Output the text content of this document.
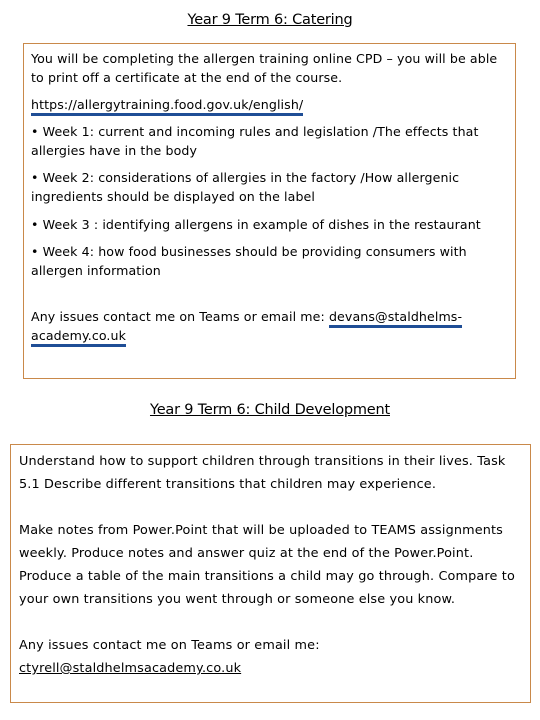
Year 9 Term 6: Catering

You will be completing the allergen training online CPD – you will be able to print off a certificate at the end of the course.

https://allergytraining.food.gov.uk/english/

• Week 1: current and incoming rules and legislation /The effects that allergies have in the body

• Week 2: considerations of allergies in the factory /How allergenic ingredients should be displayed on the label

• Week 3 : identifying allergens in example of dishes in the restaurant

• Week 4: how food businesses should be providing consumers with allergen information

Any issues contact me on Teams or email me: devans@staldhelms-
academy.co.uk

Year 9 Term 6: Child Development

Understand how to support children through transitions in their lives. Task 5.1 Describe different transitions that children may experience.

Make notes from Power.Point that will be uploaded to TEAMS assignments weekly. Produce notes and answer quiz at the end of the Power.Point. Produce a table of the main transitions a child may go through. Compare to your own transitions you went through or someone else you know.

Any issues contact me on Teams or email me:
ctyrell@staldhelmsacademy.co.uk
